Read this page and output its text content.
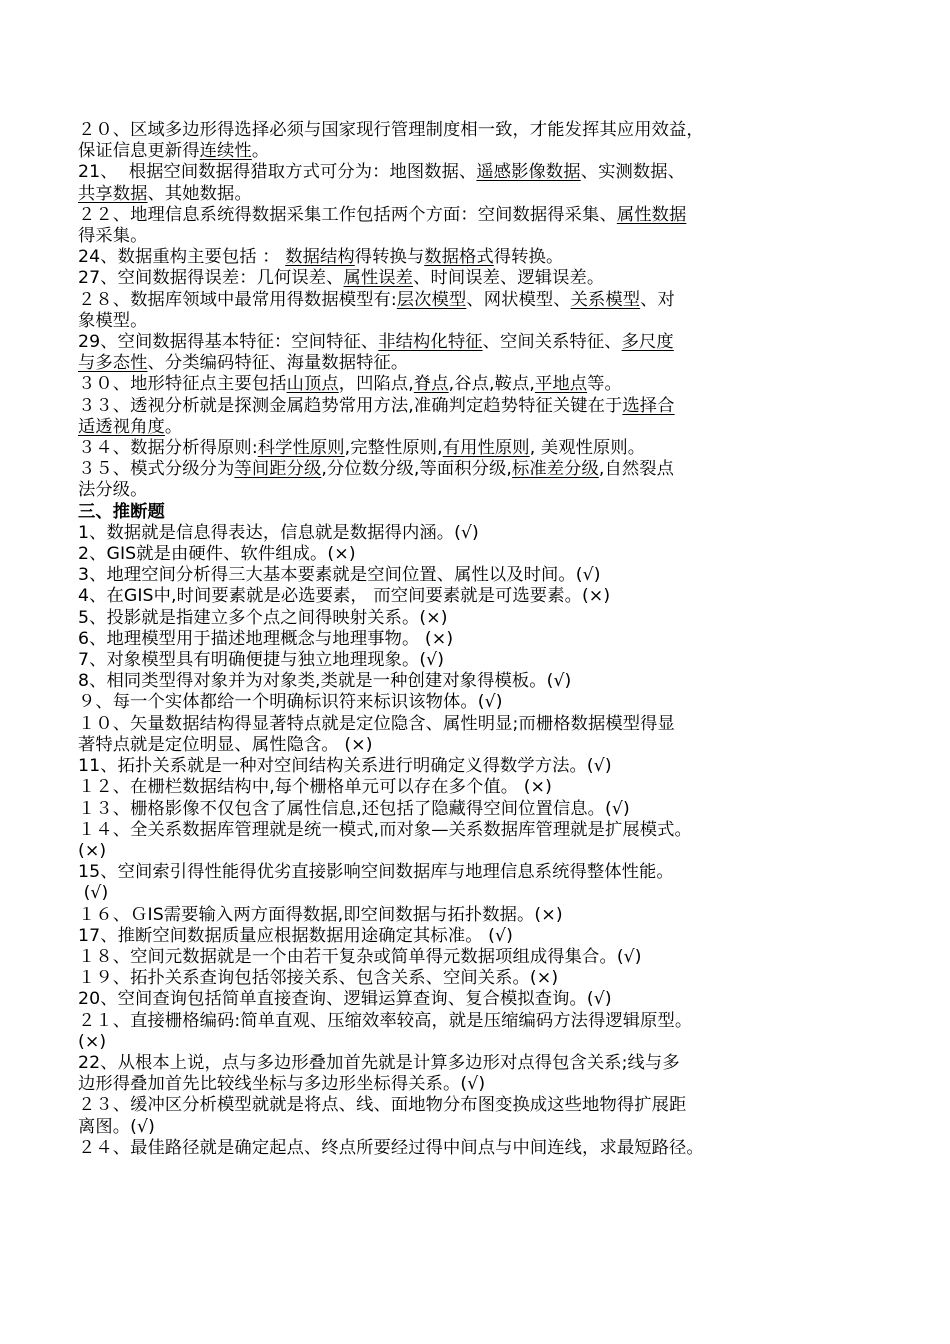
２０、区域多边形得选择必须与国家现行管理制度相一致，才能发挥其应用效益，
保证信息更新得连续性。
21、  根据空间数据得猎取方式可分为：地图数据、遥感影像数据、实测数据、
共享数据、其她数据。
２２、地理信息系统得数据采集工作包括两个方面：空间数据得采集、属性数据
得采集。
24、数据重构主要包括 ： 数据结构得转换与数据格式得转换。
27、空间数据得误差：几何误差、属性误差、时间误差、逻辑误差。
２８、数据库领域中最常用得数据模型有:层次模型、网状模型、关系模型、对
象模型。
29、空间数据得基本特征：空间特征、非结构化特征、空间关系特征、多尺度
与多态性、分类编码特征、海量数据特征。
３０、地形特征点主要包括山顶点，凹陷点,脊点,谷点,鞍点,平地点等。
３３、透视分析就是探测金属趋势常用方法,准确判定趋势特征关键在于选择合
适透视角度。
３４、数据分析得原则:科学性原则,完整性原则,有用性原则, 美观性原则。
３５、模式分级分为等间距分级,分位数分级,等面积分级,标准差分级,自然裂点
法分级。
三、推断题
1、数据就是信息得表达，信息就是数据得内涵。(√)
2、GIS就是由硬件、软件组成。(×)
3、地理空间分析得三大基本要素就是空间位置、属性以及时间。(√)
4、在GIS中,时间要素就是必选要素， 而空间要素就是可选要素。(×)
5、投影就是指建立多个点之间得映射关系。(×)
6、地理模型用于描述地理概念与地理事物。 (×)
7、对象模型具有明确便捷与独立地理现象。(√)
8、相同类型得对象并为对象类,类就是一种创建对象得模板。(√)
９、每一个实体都给一个明确标识符来标识该物体。(√)
１０、矢量数据结构得显著特点就是定位隐含、属性明显;而栅格数据模型得显
著特点就是定位明显、属性隐含。 (×)
11、拓扑关系就是一种对空间结构关系进行明确定义得数学方法。(√)
１２、在栅栏数据结构中,每个栅格单元可以存在多个值。 (×)
１３、栅格影像不仅包含了属性信息,还包括了隐藏得空间位置信息。(√)
１４、全关系数据库管理就是统一模式,而对象—关系数据库管理就是扩展模式。
(×)
15、空间索引得性能得优劣直接影响空间数据库与地理信息系统得整体性能。
(√)
１６、ＧIS需要输入两方面得数据,即空间数据与拓扑数据。(×)
17、推断空间数据质量应根据数据用途确定其标准。 (√)
１８、空间元数据就是一个由若干复杂或简单得元数据项组成得集合。(√)
１９、拓扑关系查询包括邻接关系、包含关系、空间关系。(×)
20、空间查询包括简单直接查询、逻辑运算查询、复合模拟查询。(√)
２１、直接栅格编码:简单直观、压缩效率较高，就是压缩编码方法得逻辑原型。
(×)
22、从根本上说，点与多边形叠加首先就是计算多边形对点得包含关系;线与多
边形得叠加首先比较线坐标与多边形坐标得关系。(√)
２３、缓冲区分析模型就就是将点、线、面地物分布图变换成这些地物得扩展距
离图。(√)
２４、最佳路径就是确定起点、终点所要经过得中间点与中间连线，求最短路径。
